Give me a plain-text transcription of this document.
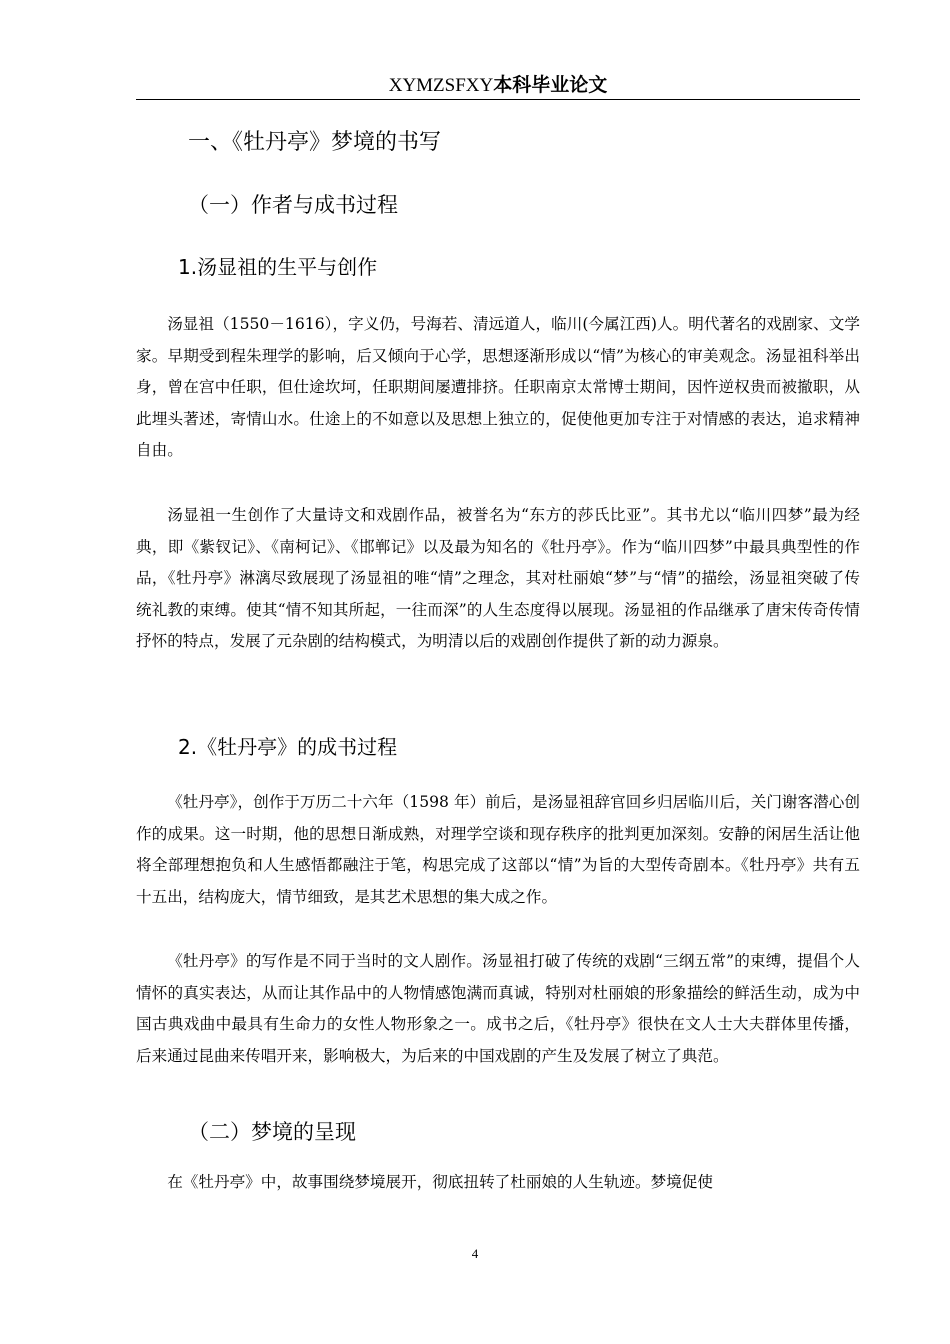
XYMZSFXY本科毕业论文
一、《牡丹亭》梦境的书写
（一）作者与成书过程
1.汤显祖的生平与创作

汤显祖（1550－1616），字义仍，号海若、清远道人，临川(今属江西)人。明代著名的戏剧家、文学家。早期受到程朱理学的影响，后又倾向于心学，思想逐渐形成以“情”为核心的审美观念。汤显祖科举出身，曾在宫中任职，但仕途坎坷，任职期间屡遭排挤。任职南京太常博士期间，因忤逆权贵而被撤职，从此埋头著述，寄情山水。仕途上的不如意以及思想上独立的，促使他更加专注于对情感的表达，追求精神自由。

汤显祖一生创作了大量诗文和戏剧作品，被誉名为“东方的莎氏比亚”。其书尤以“临川四梦”最为经典，即《紫钗记》、《南柯记》、《邯郸记》以及最为知名的《牡丹亭》。作为“临川四梦”中最具典型性的作品，《牡丹亭》淋漓尽致展现了汤显祖的唯“情”之理念，其对杜丽娘“梦”与“情”的描绘，汤显祖突破了传统礼教的束缚。使其“情不知其所起，一往而深”的人生态度得以展现。汤显祖的作品继承了唐宋传奇传情抒怀的特点，发展了元杂剧的结构模式，为明清以后的戏剧创作提供了新的动力源泉。

2.《牡丹亭》的成书过程

《牡丹亭》，创作于万历二十六年（1598 年）前后，是汤显祖辞官回乡归居临川后，关门谢客潜心创作的成果。这一时期，他的思想日渐成熟，对理学空谈和现存秩序的批判更加深刻。安静的闲居生活让他将全部理想抱负和人生感悟都融注于笔，构思完成了这部以“情”为旨的大型传奇剧本。《牡丹亭》共有五十五出，结构庞大，情节细致，是其艺术思想的集大成之作。

《牡丹亭》的写作是不同于当时的文人剧作。汤显祖打破了传统的戏剧“三纲五常”的束缚，提倡个人情怀的真实表达，从而让其作品中的人物情感饱满而真诚，特别对杜丽娘的形象描绘的鲜活生动，成为中国古典戏曲中最具有生命力的女性人物形象之一。成书之后，《牡丹亭》很快在文人士大夫群体里传播，后来通过昆曲来传唱开来，影响极大，为后来的中国戏剧的产生及发展了树立了典范。

（二）梦境的呈现

在《牡丹亭》中，故事围绕梦境展开，彻底扭转了杜丽娘的人生轨迹。梦境促使

4
